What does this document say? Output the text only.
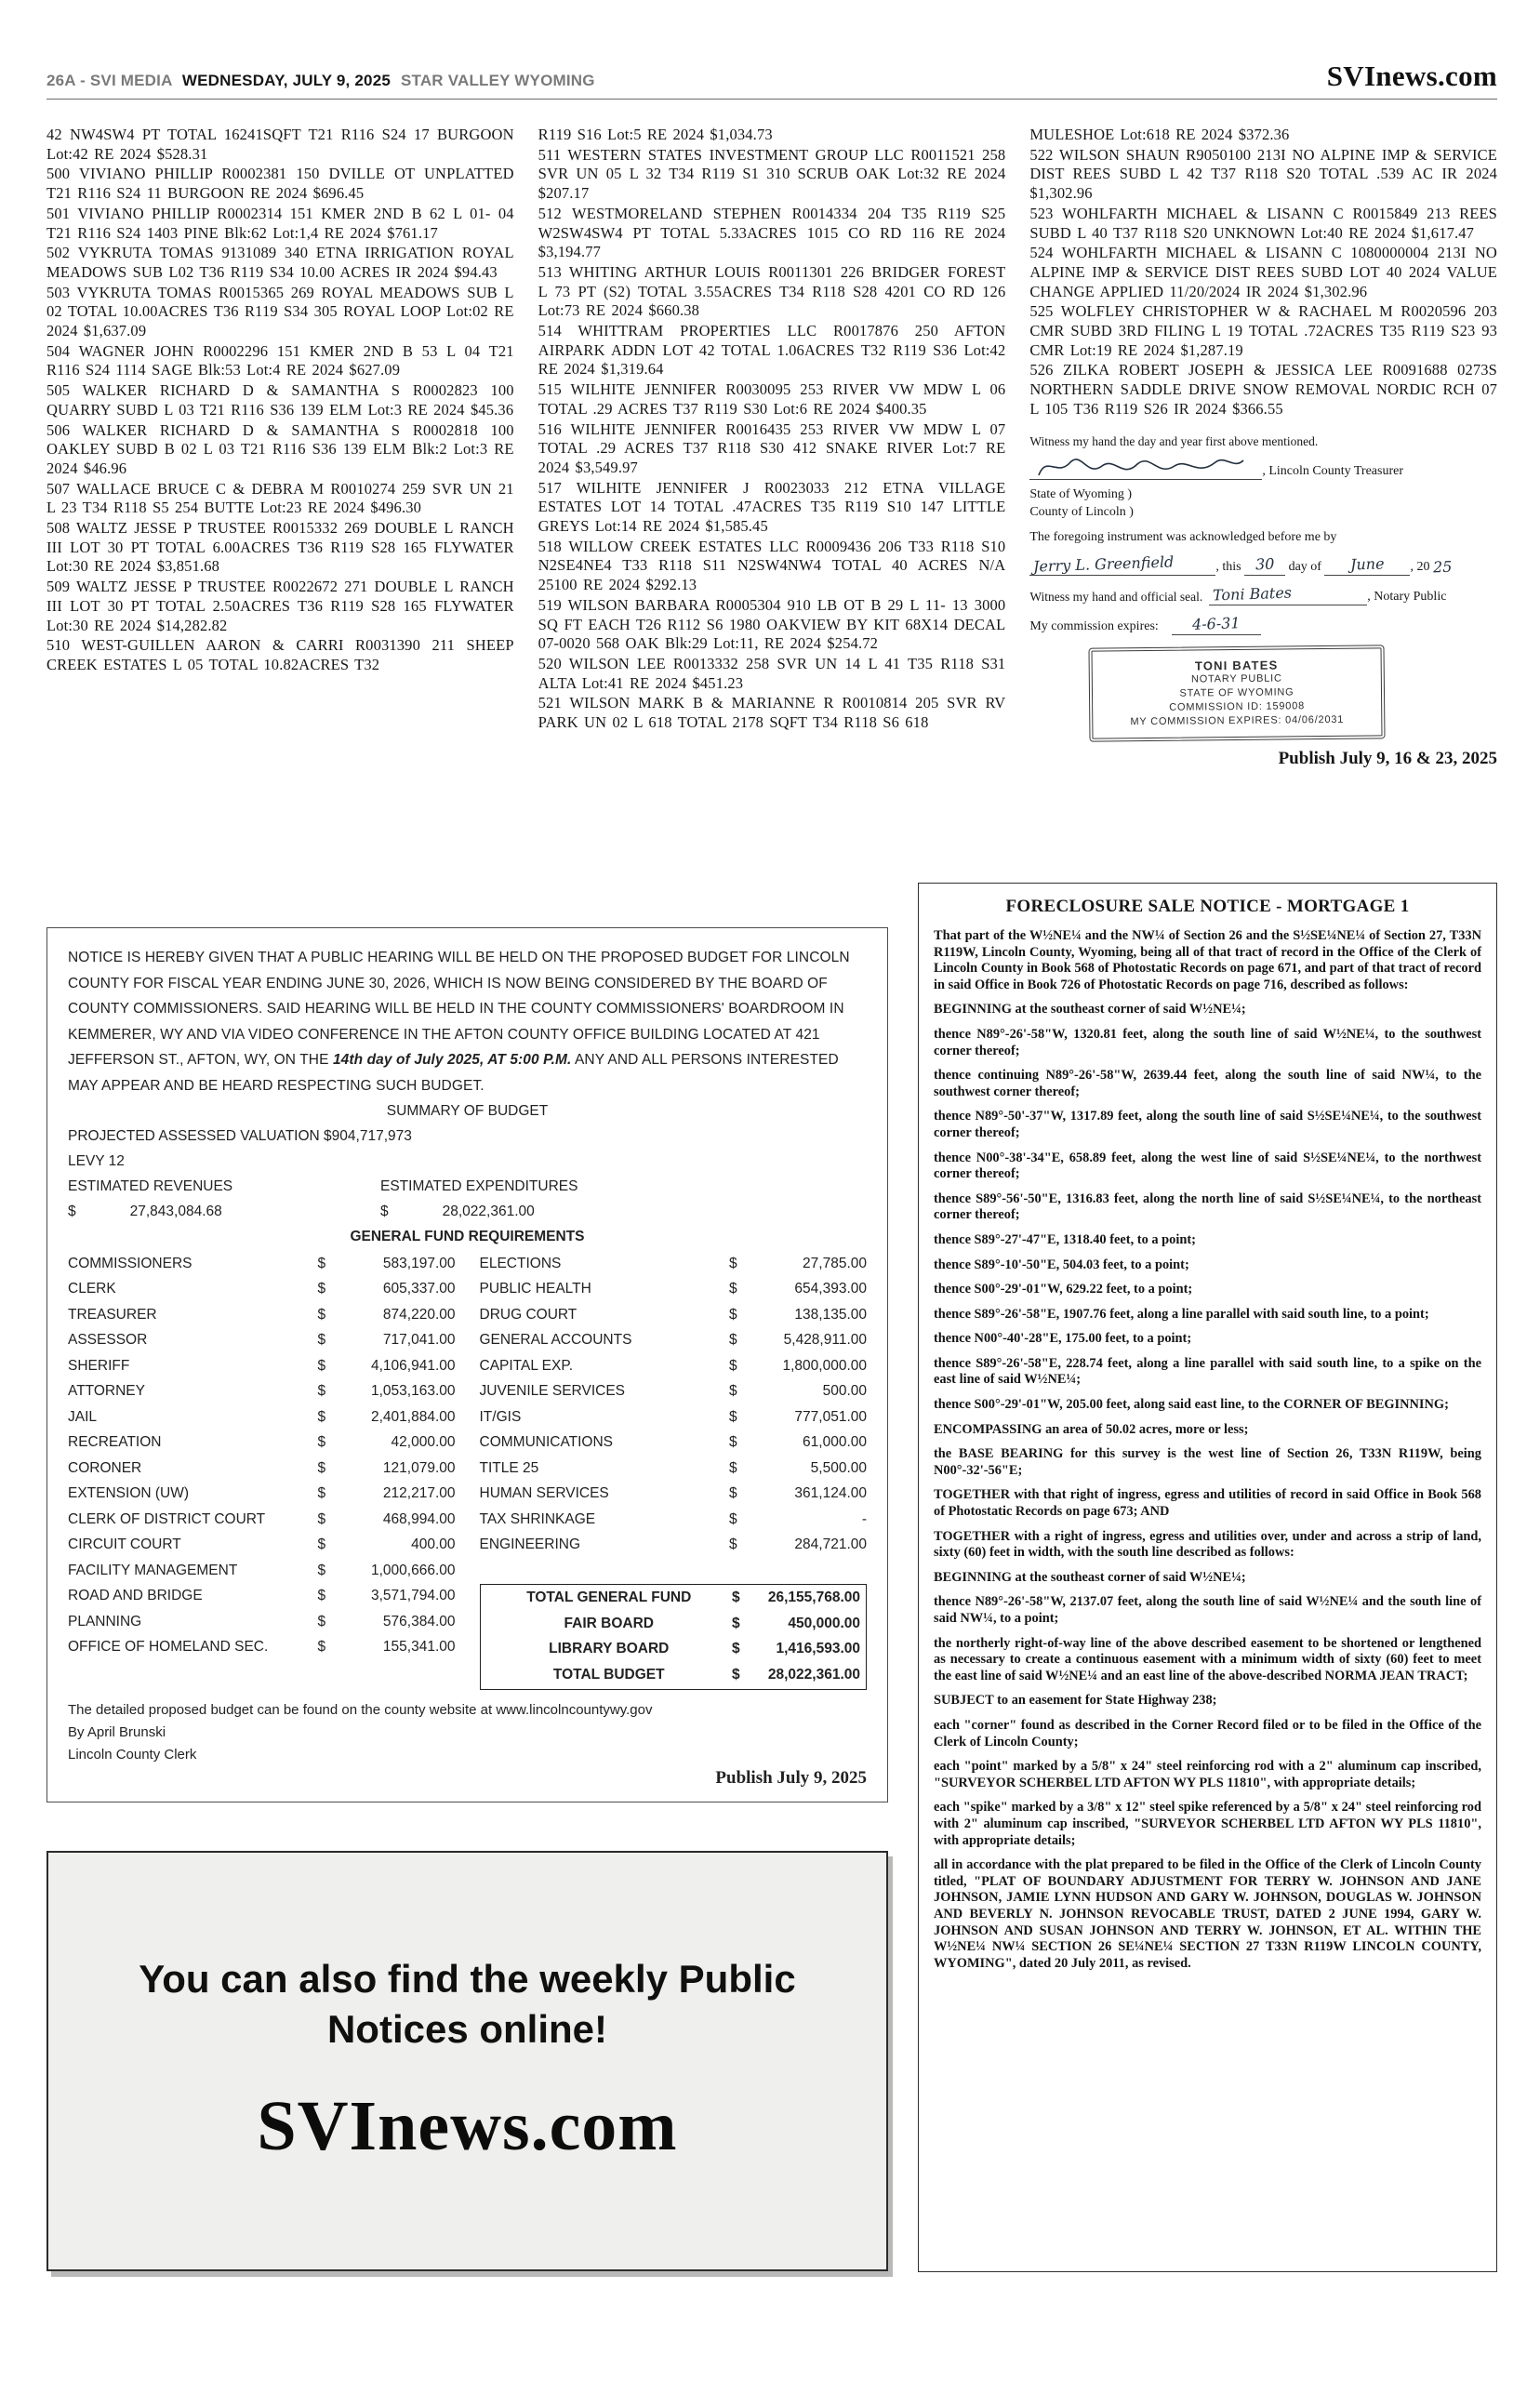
26A - SVI MEDIA WEDNESDAY, JULY 9, 2025 STAR VALLEY WYOMING	SVInews.com

42 NW4SW4 PT TOTAL 16241SQFT T21 R116 S24 17 BURGOON Lot:42 RE 2024 $528.31

500 VIVIANO PHILLIP R0002381 150 DVILLE OT UNPLATTED T21 R116 S24 11 BURGOON RE 2024 $696.45

501 VIVIANO PHILLIP R0002314 151 KMER 2ND B 62 L 01- 04 T21 R116 S24 1403 PINE Blk:62 Lot:1,4 RE 2024 $761.17

502 VYKRUTA TOMAS 9131089 340 ETNA IRRIGATION ROYAL MEADOWS SUB L02 T36 R119 S34 10.00 ACRES IR 2024 $94.43

503 VYKRUTA TOMAS R0015365 269 ROYAL MEADOWS SUB L 02 TOTAL 10.00ACRES T36 R119 S34 305 ROYAL LOOP Lot:02 RE 2024 $1,637.09

504 WAGNER JOHN R0002296 151 KMER 2ND B 53 L 04 T21 R116 S24 1114 SAGE Blk:53 Lot:4 RE 2024 $627.09

505 WALKER RICHARD D & SAMANTHA S R0002823 100 QUARRY SUBD L 03 T21 R116 S36 139 ELM Lot:3 RE 2024 $45.36

506 WALKER RICHARD D & SAMANTHA S R0002818 100 OAKLEY SUBD B 02 L 03 T21 R116 S36 139 ELM Blk:2 Lot:3 RE 2024 $46.96

507 WALLACE BRUCE C & DEBRA M R0010274 259 SVR UN 21 L 23 T34 R118 S5 254 BUTTE Lot:23 RE 2024 $496.30

508 WALTZ JESSE P TRUSTEE R0015332 269 DOUBLE L RANCH III LOT 30 PT TOTAL 6.00ACRES T36 R119 S28 165 FLYWATER Lot:30 RE 2024 $3,851.68

509 WALTZ JESSE P TRUSTEE R0022672 271 DOUBLE L RANCH III LOT 30 PT TOTAL 2.50ACRES T36 R119 S28 165 FLYWATER Lot:30 RE 2024 $14,282.82

510 WEST-GUILLEN AARON & CARRI R0031390 211 SHEEP CREEK ESTATES L 05 TOTAL 10.82ACRES T32

R119 S16 Lot:5 RE 2024 $1,034.73

511 WESTERN STATES INVESTMENT GROUP LLC R0011521 258 SVR UN 05 L 32 T34 R119 S1 310 SCRUB OAK Lot:32 RE 2024 $207.17

512 WESTMORELAND STEPHEN R0014334 204 T35 R119 S25 W2SW4SW4 PT TOTAL 5.33ACRES 1015 CO RD 116 RE 2024 $3,194.77

513 WHITING ARTHUR LOUIS R0011301 226 BRIDGER FOREST L 73 PT (S2) TOTAL 3.55ACRES T34 R118 S28 4201 CO RD 126 Lot:73 RE 2024 $660.38

514 WHITTRAM PROPERTIES LLC R0017876 250 AFTON AIRPARK ADDN LOT 42 TOTAL 1.06ACRES T32 R119 S36 Lot:42 RE 2024 $1,319.64

515 WILHITE JENNIFER R0030095 253 RIVER VW MDW L 06 TOTAL .29 ACRES T37 R119 S30 Lot:6 RE 2024 $400.35

516 WILHITE JENNIFER R0016435 253 RIVER VW MDW L 07 TOTAL .29 ACRES T37 R118 S30 412 SNAKE RIVER Lot:7 RE 2024 $3,549.97

517 WILHITE JENNIFER J R0023033 212 ETNA VILLAGE ESTATES LOT 14 TOTAL .47ACRES T35 R119 S10 147 LITTLE GREYS Lot:14 RE 2024 $1,585.45

518 WILLOW CREEK ESTATES LLC R0009436 206 T33 R118 S10 N2SE4NE4 T33 R118 S11 N2SW4NW4 TOTAL 40 ACRES N/A 25100 RE 2024 $292.13

519 WILSON BARBARA R0005304 910 LB OT B 29 L 11- 13 3000 SQ FT EACH T26 R112 S6 1980 OAKVIEW BY KIT 68X14 DECAL 07-0020 568 OAK Blk:29 Lot:11, RE 2024 $254.72

520 WILSON LEE R0013332 258 SVR UN 14 L 41 T35 R118 S31 ALTA Lot:41 RE 2024 $451.23

521 WILSON MARK B & MARIANNE R R0010814 205 SVR RV PARK UN 02 L 618 TOTAL 2178 SQFT T34 R118 S6 618

MULESHOE Lot:618 RE 2024 $372.36

522 WILSON SHAUN R9050100 213I NO ALPINE IMP & SERVICE DIST REES SUBD L 42 T37 R118 S20 TOTAL .539 AC IR 2024 $1,302.96

523 WOHLFARTH MICHAEL & LISANN C R0015849 213 REES SUBD L 40 T37 R118 S20 UNKNOWN Lot:40 RE 2024 $1,617.47

524 WOHLFARTH MICHAEL & LISANN C 1080000004 213I NO ALPINE IMP & SERVICE DIST REES SUBD LOT 40 2024 VALUE CHANGE APPLIED 11/20/2024 IR 2024 $1,302.96

525 WOLFLEY CHRISTOPHER W & RACHAEL M R0020596 203 CMR SUBD 3RD FILING L 19 TOTAL .72ACRES T35 R119 S23 93 CMR Lot:19 RE 2024 $1,287.19

526 ZILKA ROBERT JOSEPH & JESSICA LEE R0091688 0273S NORTHERN SADDLE DRIVE SNOW REMOVAL NORDIC RCH 07 L 105 T36 R119 S26 IR 2024 $366.55

Witness my hand the day and year first above mentioned.

, Lincoln County Treasurer

State of Wyoming )

County of Lincoln )

The foregoing instrument was acknowledged before me by

Jerry L. Greenfield	, this
30
	day of
	June	, 20 25
Witness my hand and official seal.
Toni Bates	, Notary Public
My commission expires:
	4-6-31
TONI BATES
NOTARY PUBLIC
STATE OF WYOMING
COMMISSION ID: 159008
MY COMMISSION EXPIRES: 04/06/2031
Publish July 9, 16 & 23, 2025

NOTICE IS HEREBY GIVEN THAT A PUBLIC HEARING WILL BE HELD ON THE PROPOSED BUDGET FOR LINCOLN COUNTY FOR FISCAL YEAR ENDING JUNE 30, 2026, WHICH IS NOW BEING CONSIDERED BY THE BOARD OF COUNTY COMMISSIONERS. SAID HEARING WILL BE HELD IN THE COUNTY COMMISSIONERS' BOARDROOM IN KEMMERER, WY AND VIA VIDEO CONFERENCE IN THE AFTON COUNTY OFFICE BUILDING LOCATED AT 421 JEFFERSON ST., AFTON, WY, ON THE 14th day of July 2025, AT 5:00 P.M. ANY AND ALL PERSONS INTERESTED MAY APPEAR AND BE HEARD RESPECTING SUCH BUDGET.

SUMMARY OF BUDGET

PROJECTED ASSESSED VALUATION $904,717,973

LEVY 12

ESTIMATED REVENUES	ESTIMATED EXPENDITURES
$	27,843,084.68	$	28,022,361.00

GENERAL FUND REQUIREMENTS

COMMISSIONERS	$	583,197.00
CLERK	$	605,337.00
TREASURER	$	874,220.00
ASSESSOR	$	717,041.00
SHERIFF	$	4,106,941.00
ATTORNEY	$	1,053,163.00
JAIL	$	2,401,884.00
RECREATION	$	42,000.00
CORONER	$	121,079.00
EXTENSION (UW)	$	212,217.00
CLERK OF DISTRICT COURT	$	468,994.00
CIRCUIT COURT	$	400.00
FACILITY MANAGEMENT	$	1,000,666.00
ROAD AND BRIDGE	$	3,571,794.00
PLANNING	$	576,384.00
OFFICE OF HOMELAND SEC.	$	155,341.00
ELECTIONS	$	27,785.00
PUBLIC HEALTH	$	654,393.00
DRUG COURT	$	138,135.00
GENERAL ACCOUNTS	$	5,428,911.00
CAPITAL EXP.	$	1,800,000.00
JUVENILE SERVICES	$	500.00
IT/GIS	$	777,051.00
COMMUNICATIONS	$	61,000.00
TITLE 25	$	5,500.00
HUMAN SERVICES	$	361,124.00
TAX SHRINKAGE	$	-
ENGINEERING	$	284,721.00
TOTAL GENERAL FUND	$	26,155,768.00
FAIR BOARD	$	450,000.00
LIBRARY BOARD	$	1,416,593.00
TOTAL BUDGET	$	28,022,361.00

The detailed proposed budget can be found on the county website at www.lincolncountywy.gov

By April Brunski

Lincoln County Clerk

Publish July 9, 2025
You can also find the weekly Public Notices online!
SVInews.com
FORECLOSURE SALE NOTICE - MORTGAGE 1

That part of the W½NE¼ and the NW¼ of Section 26 and the S½SE¼NE¼ of Section 27, T33N R119W, Lincoln County, Wyoming, being all of that tract of record in the Office of the Clerk of Lincoln County in Book 568 of Photostatic Records on page 671, and part of that tract of record in said Office in Book 726 of Photostatic Records on page 716, described as follows:

BEGINNING at the southeast corner of said W½NE¼;

thence N89°-26'-58"W, 1320.81 feet, along the south line of said W½NE¼, to the southwest corner thereof;

thence continuing N89°-26'-58"W, 2639.44 feet, along the south line of said NW¼, to the southwest corner thereof;

thence N89°-50'-37"W, 1317.89 feet, along the south line of said S½SE¼NE¼, to the southwest corner thereof;

thence N00°-38'-34"E, 658.89 feet, along the west line of said S½SE¼NE¼, to the northwest corner thereof;

thence S89°-56'-50"E, 1316.83 feet, along the north line of said S½SE¼NE¼, to the northeast corner thereof;

thence S89°-27'-47"E, 1318.40 feet, to a point;

thence S89°-10'-50"E, 504.03 feet, to a point;

thence S00°-29'-01"W, 629.22 feet, to a point;

thence S89°-26'-58"E, 1907.76 feet, along a line parallel with said south line, to a point;

thence N00°-40'-28"E, 175.00 feet, to a point;

thence S89°-26'-58"E, 228.74 feet, along a line parallel with said south line, to a spike on the east line of said W½NE¼;

thence S00°-29'-01"W, 205.00 feet, along said east line, to the CORNER OF BEGINNING;

ENCOMPASSING an area of 50.02 acres, more or less;

the BASE BEARING for this survey is the west line of Section 26, T33N R119W, being N00°-32'-56"E;

TOGETHER with that right of ingress, egress and utilities of record in said Office in Book 568 of Photostatic Records on page 673; AND

TOGETHER with a right of ingress, egress and utilities over, under and across a strip of land, sixty (60) feet in width, with the south line described as follows:

BEGINNING at the southeast corner of said W½NE¼;

thence N89°-26'-58"W, 2137.07 feet, along the south line of said W½NE¼ and the south line of said NW¼, to a point;

the northerly right-of-way line of the above described easement to be shortened or lengthened as necessary to create a continuous easement with a minimum width of sixty (60) feet to meet the east line of said W½NE¼ and an east line of the above-described NORMA JEAN TRACT;

SUBJECT to an easement for State Highway 238;

each "corner" found as described in the Corner Record filed or to be filed in the Office of the Clerk of Lincoln County;

each "point" marked by a 5/8" x 24" steel reinforcing rod with a 2" aluminum cap inscribed, "SURVEYOR SCHERBEL LTD AFTON WY PLS 11810", with appropriate details;

each "spike" marked by a 3/8" x 12" steel spike referenced by a 5/8" x 24" steel reinforcing rod with 2" aluminum cap inscribed, "SURVEYOR SCHERBEL LTD AFTON WY PLS 11810", with appropriate details;

all in accordance with the plat prepared to be filed in the Office of the Clerk of Lincoln County titled, "PLAT OF BOUNDARY ADJUSTMENT FOR TERRY W. JOHNSON AND JANE JOHNSON, JAMIE LYNN HUDSON AND GARY W. JOHNSON, DOUGLAS W. JOHNSON AND BEVERLY N. JOHNSON REVOCABLE TRUST, DATED 2 JUNE 1994, GARY W. JOHNSON AND SUSAN JOHNSON AND TERRY W. JOHNSON, ET AL. WITHIN THE W½NE¼ NW¼ SECTION 26 SE¼NE¼ SECTION 27 T33N R119W LINCOLN COUNTY, WYOMING", dated 20 July 2011, as revised.
